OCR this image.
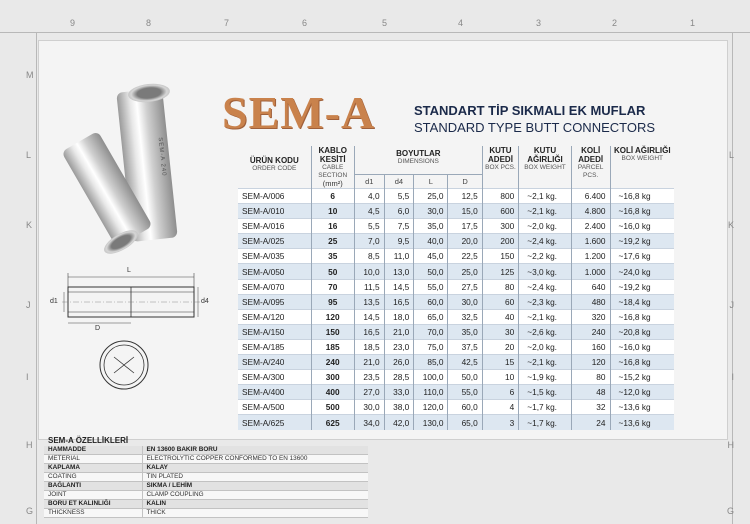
9	8	7	6	5	4	3	2	1
M
L
K
J
I
H
G
L
K
J
I
H
G
SEM-A 240
L
d1	d4
D
SEM-A	STANDART TİP SIKMALI EK MUFLAR
STANDARD TYPE BUTT CONNECTORS
ÜRÜN KODU
ORDER CODE	KABLO KESİTİ
CABLE SECTION
(mm²)	BOYUTLAR
DIMENSIONS				KUTU ADEDİ
BOX PCS.	KUTU AĞIRLIĞI
BOX WEIGHT	KOLİ ADEDİ
PARCEL PCS.	KOLİ AĞIRLIĞI
BOX WEIGHT

		d1	d4	L	D				
SEM-A/006	6	4,0	5,5	25,0	12,5	800	~2,1 kg.	6.400	~16,8 kg
SEM-A/010	10	4,5	6,0	30,0	15,0	600	~2,1 kg.	4.800	~16,8 kg
SEM-A/016	16	5,5	7,5	35,0	17,5	300	~2,0 kg.	2.400	~16,0 kg
SEM-A/025	25	7,0	9,5	40,0	20,0	200	~2,4 kg.	1.600	~19,2 kg
SEM-A/035	35	8,5	11,0	45,0	22,5	150	~2,2 kg.	1.200	~17,6 kg
SEM-A/050	50	10,0	13,0	50,0	25,0	125	~3,0 kg.	1.000	~24,0 kg
SEM-A/070	70	11,5	14,5	55,0	27,5	80	~2,4 kg.	640	~19,2 kg
SEM-A/095	95	13,5	16,5	60,0	30,0	60	~2,3 kg.	480	~18,4 kg
SEM-A/120	120	14,5	18,0	65,0	32,5	40	~2,1 kg.	320	~16,8 kg
SEM-A/150	150	16,5	21,0	70,0	35,0	30	~2,6 kg.	240	~20,8 kg
SEM-A/185	185	18,5	23,0	75,0	37,5	20	~2,0 kg.	160	~16,0 kg
SEM-A/240	240	21,0	26,0	85,0	42,5	15	~2,1 kg.	120	~16,8 kg
SEM-A/300	300	23,5	28,5	100,0	50,0	10	~1,9 kg.	80	~15,2 kg
SEM-A/400	400	27,0	33,0	110,0	55,0	6	~1,5 kg.	48	~12,0 kg
SEM-A/500	500	30,0	38,0	120,0	60,0	4	~1,7 kg.	32	~13,6 kg
SEM-A/625	625	34,0	42,0	130,0	65,0	3	~1,7 kg.	24	~13,6 kg
SEM-A ÖZELLİKLERİ
HAMMADDE	EN 13600 BAKIR BORU
METERIAL	ELECTROLYTIC COPPER CONFORMED TO EN 13600
KAPLAMA	KALAY
COATING	TIN PLATED
BAĞLANTI	SIKMA / LEHİM
JOINT	CLAMP COUPLING
BORU ET KALINLIĞI	KALIN
THICKNESS	THICK
